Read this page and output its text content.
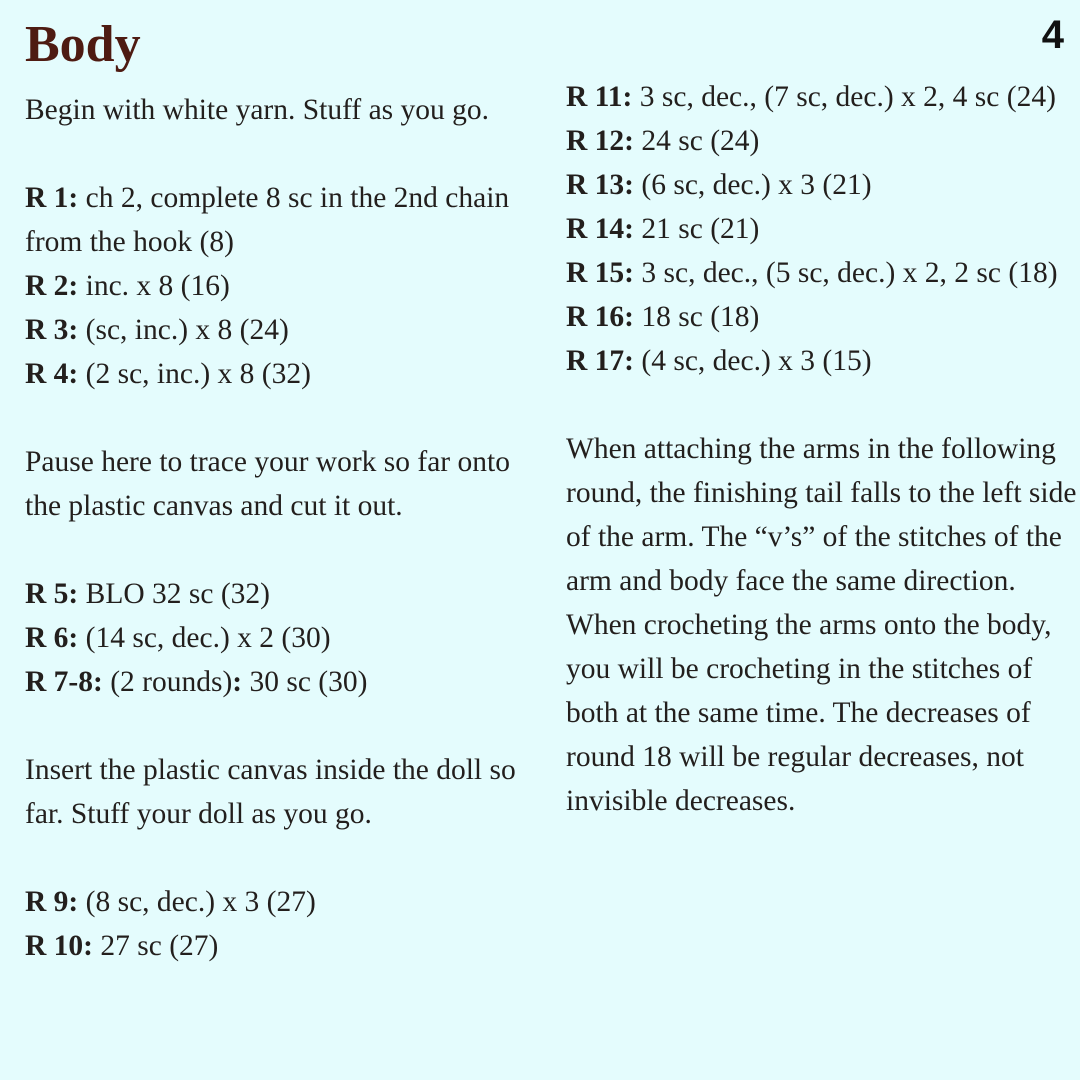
Body	4

Begin with white yarn. Stuff as you go.

R 1: ch 2, complete 8 sc in the 2nd chain from the hook (8)

R 2: inc. x 8 (16)

R 3: (sc, inc.) x 8 (24)

R 4: (2 sc, inc.) x 8 (32)

Pause here to trace your work so far onto the plastic canvas and cut it out.

R 5: BLO 32 sc (32)

R 6: (14 sc, dec.) x 2 (30)

R 7-8: (2 rounds): 30 sc (30)

Insert the plastic canvas inside the doll so far. Stuff your doll as you go.

R 9: (8 sc, dec.) x 3 (27)

R 10: 27 sc (27)

R 11: 3 sc, dec., (7 sc, dec.) x 2, 4 sc (24)

R 12: 24 sc (24)

R 13: (6 sc, dec.) x 3 (21)

R 14: 21 sc (21)

R 15: 3 sc, dec., (5 sc, dec.) x 2, 2 sc (18)

R 16: 18 sc (18)

R 17: (4 sc, dec.) x 3 (15)

When attaching the arms in the following round, the finishing tail falls to the left side of the arm. The “v’s” of the stitches of the arm and body face the same direction. When crocheting the arms onto the body, you will be crocheting in the stitches of both at the same time. The decreases of round 18 will be regular decreases, not invisible decreases.
